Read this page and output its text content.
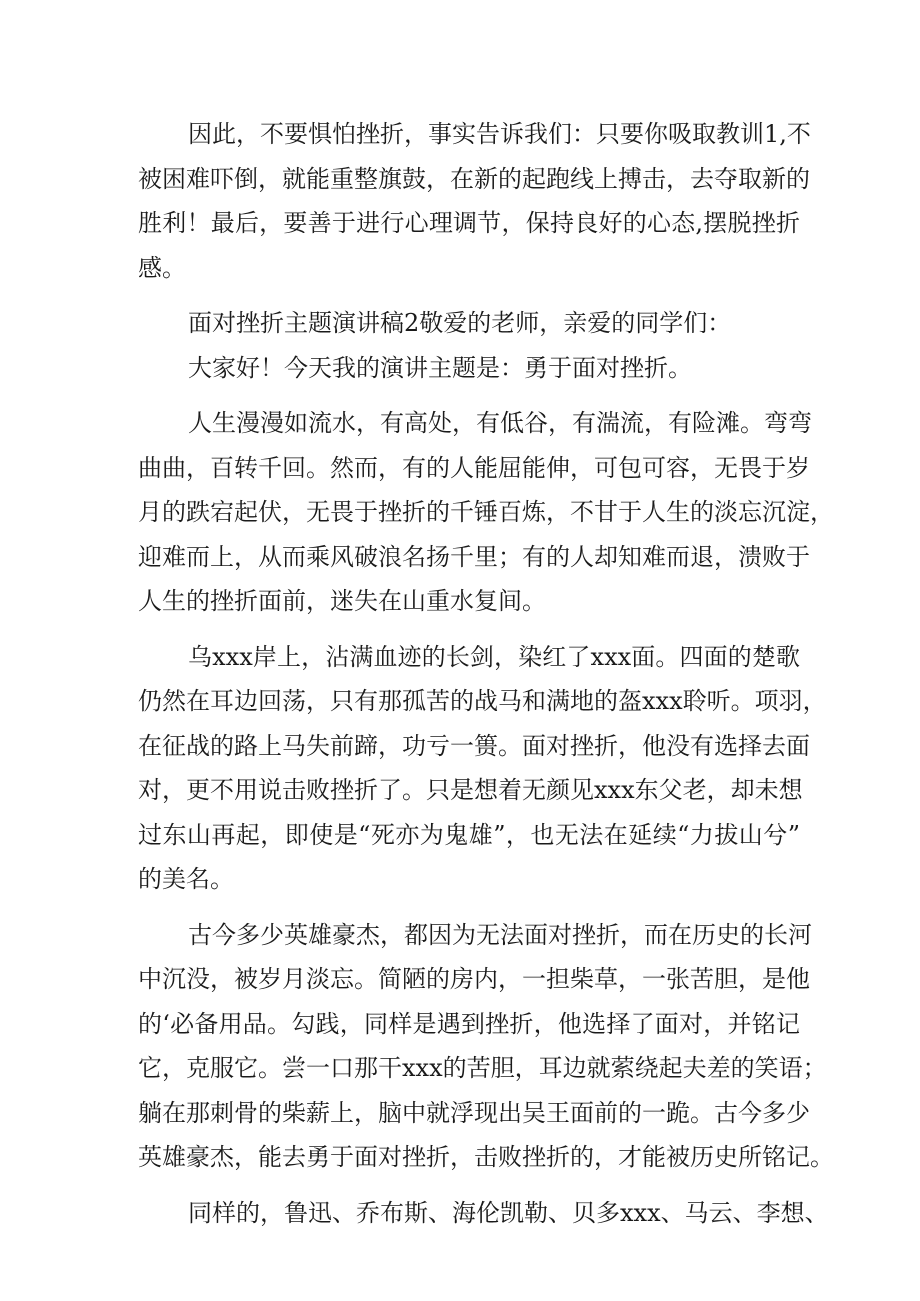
因此，不要惧怕挫折，事实告诉我们：只要你吸取教训1,不
被困难吓倒，就能重整旗鼓，在新的起跑线上搏击，去夺取新的
胜利！最后，要善于进行心理调节，保持良好的心态,摆脱挫折
感。
面对挫折主题演讲稿2敬爱的老师，亲爱的同学们：
大家好！今天我的演讲主题是：勇于面对挫折。
人生漫漫如流水，有高处，有低谷，有湍流，有险滩。弯弯
曲曲，百转千回。然而，有的人能屈能伸，可包可容，无畏于岁
月的跌宕起伏，无畏于挫折的千锤百炼，不甘于人生的淡忘沉淀，
迎难而上，从而乘风破浪名扬千里；有的人却知难而退，溃败于
人生的挫折面前，迷失在山重水复间。
乌xxx岸上，沾满血迹的长剑，染红了xxx面。四面的楚歌
仍然在耳边回荡，只有那孤苦的战马和满地的盔xxx聆听。项羽，
在征战的路上马失前蹄，功亏一篑。面对挫折，他没有选择去面
对，更不用说击败挫折了。只是想着无颜见xxx东父老，却未想
过东山再起，即使是“死亦为鬼雄”，也无法在延续“力拔山兮”
的美名。
古今多少英雄豪杰，都因为无法面对挫折，而在历史的长河
中沉没，被岁月淡忘。简陋的房内，一担柴草，一张苦胆，是他
的‘必备用品。勾践，同样是遇到挫折，他选择了面对，并铭记
它，克服它。尝一口那干xxx的苦胆，耳边就萦绕起夫差的笑语；
躺在那刺骨的柴薪上，脑中就浮现出吴王面前的一跪。古今多少
英雄豪杰，能去勇于面对挫折，击败挫折的，才能被历史所铭记。
同样的，鲁迅、乔布斯、海伦凯勒、贝多xxx、马云、李想、
